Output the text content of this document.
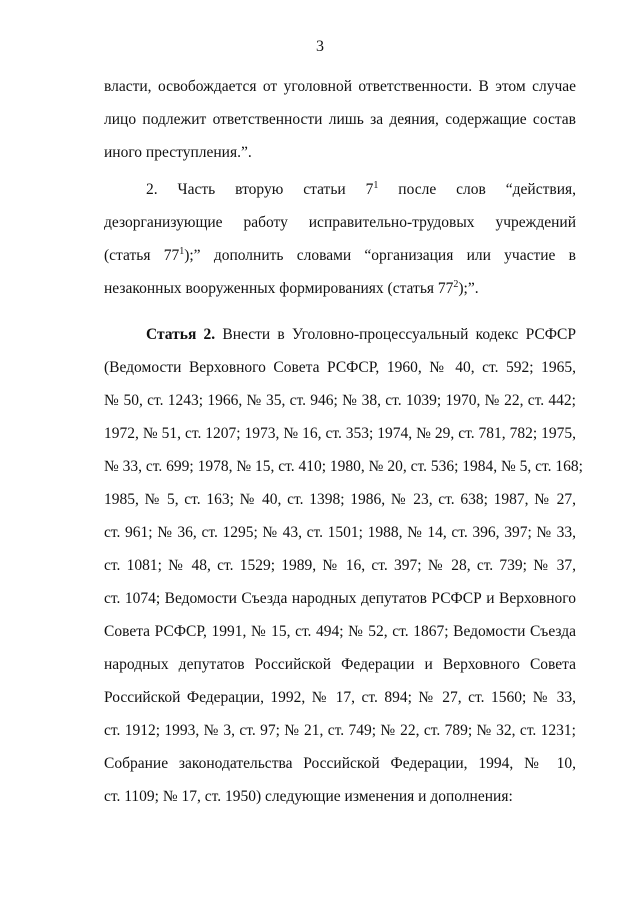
3
власти, освобождается от уголовной ответственности. В этом случае
лицо подлежит ответственности лишь за деяния, содержащие состав
иного преступления.”.
2. Часть вторую статьи $7^1$ после слов “действия,
дезорганизующие работу исправительно-трудовых учреждений
(статья $77^1$);” дополнить словами “организация или участие в
незаконных вооруженных формированиях (статья $77^2$);”.
Статья 2. Внести в Уголовно-процессуальный кодекс РСФСР
(Ведомости Верховного Совета РСФСР, 1960, № 40, ст. 592; 1965,
№ 50, ст. 1243; 1966, № 35, ст. 946; № 38, ст. 1039; 1970, № 22, ст. 442;
1972, № 51, ст. 1207; 1973, № 16, ст. 353; 1974, № 29, ст. 781, 782; 1975,
№ 33, ст. 699; 1978, № 15, ст. 410; 1980, № 20, ст. 536; 1984, № 5, ст. 168;
1985, № 5, ст. 163; № 40, ст. 1398; 1986, № 23, ст. 638; 1987, № 27,
ст. 961; № 36, ст. 1295; № 43, ст. 1501; 1988, № 14, ст. 396, 397; № 33,
ст. 1081; № 48, ст. 1529; 1989, № 16, ст. 397; № 28, ст. 739; № 37,
ст. 1074; Ведомости Съезда народных депутатов РСФСР и Верховного
Совета РСФСР, 1991, № 15, ст. 494; № 52, ст. 1867; Ведомости Съезда
народных депутатов Российской Федерации и Верховного Совета
Российской Федерации, 1992, № 17, ст. 894; № 27, ст. 1560; № 33,
ст. 1912; 1993, № 3, ст. 97; № 21, ст. 749; № 22, ст. 789; № 32, ст. 1231;
Собрание законодательства Российской Федерации, 1994, № 10,
ст. 1109; № 17, ст. 1950) следующие изменения и дополнения:
